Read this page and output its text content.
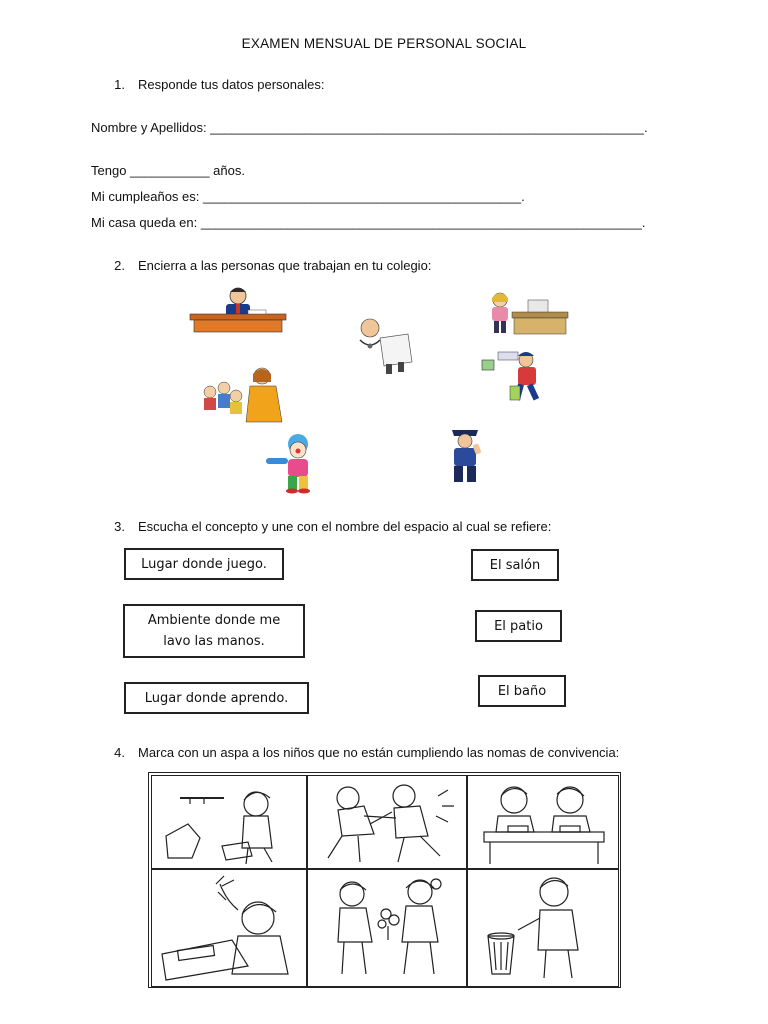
EXAMEN MENSUAL DE PERSONAL SOCIAL
1. Responde tus datos personales:
Nombre y Apellidos: ____________________________________________________________.
Tengo ___________ años.
Mi cumpleaños es: ____________________________________________.
Mi casa queda en: _____________________________________________________________.
2. Encierra a las personas que trabajan en tu colegio:
3. Escucha el concepto y une con el nombre del espacio al cual se refiere:
Lugar donde juego.
Ambiente donde me lavo las manos.
Lugar donde aprendo.
El salón
El patio
El baño
4. Marca con un aspa a los niños que no están cumpliendo las nomas de convivencia:
